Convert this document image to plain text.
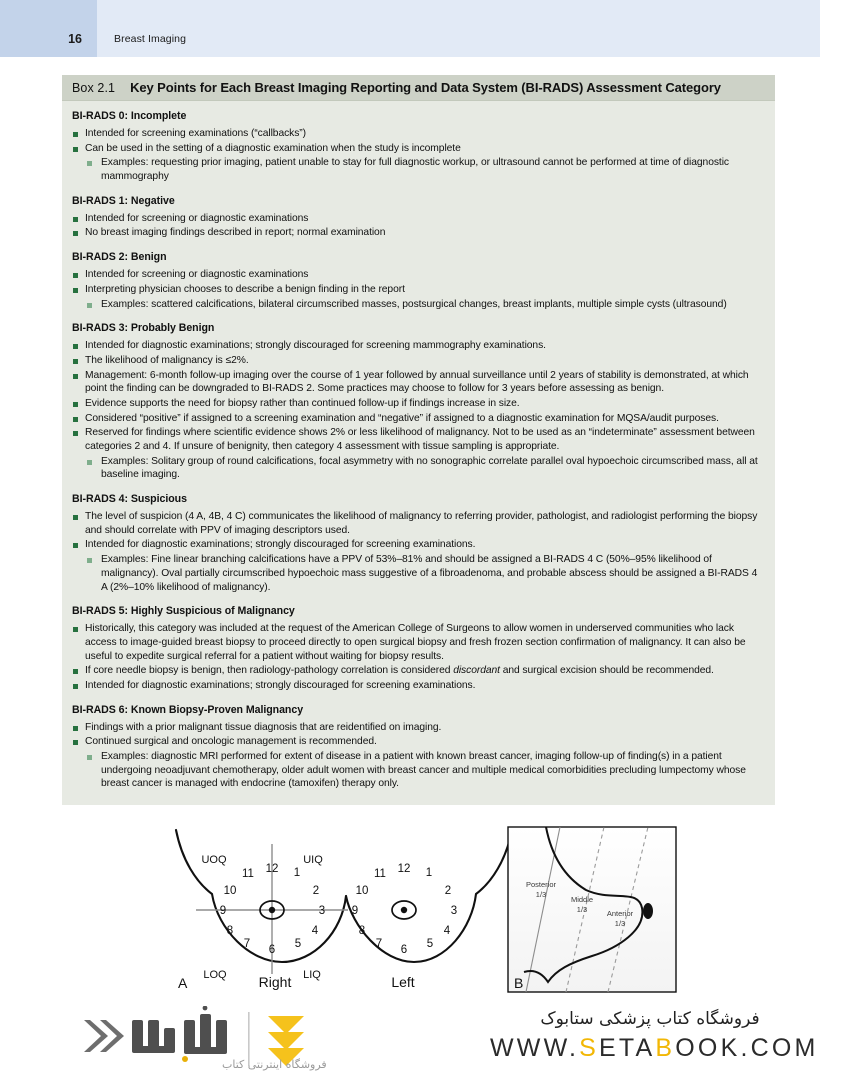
16	Breast Imaging
Box 2.1 Key Points for Each Breast Imaging Reporting and Data System (BI-RADS) Assessment Category
BI-RADS 0: Incomplete
Intended for screening examinations (“callbacks”)
Can be used in the setting of a diagnostic examination when the study is incomplete
Examples: requesting prior imaging, patient unable to stay for full diagnostic workup, or ultrasound cannot be performed at time of diagnostic mammography
BI-RADS 1: Negative
Intended for screening or diagnostic examinations
No breast imaging findings described in report; normal examination
BI-RADS 2: Benign
Intended for screening or diagnostic examinations
Interpreting physician chooses to describe a benign finding in the report
Examples: scattered calcifications, bilateral circumscribed masses, postsurgical changes, breast implants, multiple simple cysts (ultrasound)
BI-RADS 3: Probably Benign
Intended for diagnostic examinations; strongly discouraged for screening mammography examinations.
The likelihood of malignancy is ≤2%.
Management: 6-month follow-up imaging over the course of 1 year followed by annual surveillance until 2 years of stability is demonstrated, at which point the finding can be downgraded to BI-RADS 2. Some practices may choose to follow for 3 years before assessing as benign.
Evidence supports the need for biopsy rather than continued follow-up if findings increase in size.
Considered “positive” if assigned to a screening examination and “negative” if assigned to a diagnostic examination for MQSA/audit purposes.
Reserved for findings where scientific evidence shows 2% or less likelihood of malignancy. Not to be used as an “indeterminate” assessment between categories 2 and 4. If unsure of benignity, then category 4 assessment with tissue sampling is appropriate.
Examples: Solitary group of round calcifications, focal asymmetry with no sonographic correlate parallel oval hypoechoic circumscribed mass, all at baseline imaging.
BI-RADS 4: Suspicious
The level of suspicion (4 A, 4B, 4 C) communicates the likelihood of malignancy to referring provider, pathologist, and radiologist performing the biopsy and should correlate with PPV of imaging descriptors used.
Intended for diagnostic examinations; strongly discouraged for screening examinations.
Examples: Fine linear branching calcifications have a PPV of 53%–81% and should be assigned a BI-RADS 4 C (50%–95% likelihood of malignancy). Oval partially circumscribed hypoechoic mass suggestive of a fibroadenoma, and probable abscess should be assigned a BI-RADS 4 A (2%–10% likelihood of malignancy).
BI-RADS 5: Highly Suspicious of Malignancy
Historically, this category was included at the request of the American College of Surgeons to allow women in underserved communities who lack access to image-guided breast biopsy to proceed directly to open surgical biopsy and fresh frozen section confirmation of malignancy. It can also be useful to expedite surgical referral for a patient without waiting for biopsy results.
If core needle biopsy is benign, then radiology-pathology correlation is considered discordant and surgical excision should be recommended.
Intended for diagnostic examinations; strongly discouraged for screening examinations.
BI-RADS 6: Known Biopsy-Proven Malignancy
Findings with a prior malignant tissue diagnosis that are reidentified on imaging.
Continued surgical and oncologic management is recommended.
Examples: diagnostic MRI performed for extent of disease in a patient with known breast cancer, imaging follow-up of finding(s) in a patient undergoing neoadjuvant chemotherapy, older adult women with breast cancer and multiple medical comorbidities precluding lumpectomy whose breast cancer is managed with endocrine (tamoxifen) therapy only.
UOQ	UIQ
LOQ	LIQ
12 1
2
3
4
5
6
7
8
9
10
11	12 1
2
3
4
5
6
7
8
9
10
11
A	Right	Left
Posterior
1/3
Middle
1/3	Anterior
1/3
B
فروشگاه اینترنتی کتاب
فروشگاه کتاب پزشکی ستابوک
WWW.SETABOOK.COM
